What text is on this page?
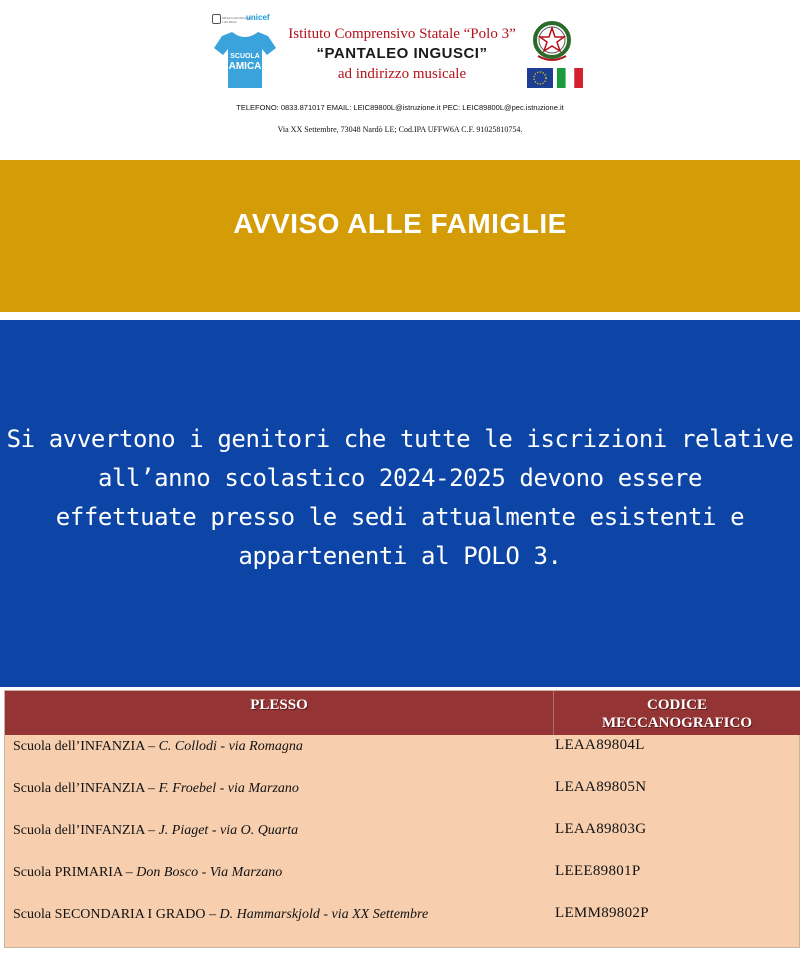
Ministero dell'Istruzione e del Merito	unicef
SCUOLA
AMICA
Istituto Comprensivo Statale “Polo 3”
“PANTALEO INGUSCI”
ad indirizzo musicale
TELEFONO: 0833.871017 EMAIL: LEIC89800L@istruzione.it PEC: LEIC89800L@pec.istruzione.it
Via XX Settembre, 73048 Nardò LE; Cod.IPA UFFW6A C.F. 91025810754.
AVVISO ALLE FAMIGLIE
Si avvertono i genitori che tutte le iscrizioni relative
all’anno scolastico 2024-2025 devono essere
effettuate presso le sedi attualmente esistenti e
appartenenti al POLO 3.
PLESSO	CODICE
MECCANOGRAFICO
Scuola dell’INFANZIA – C. Collodi - via Romagna	LEAA89804L
Scuola dell’INFANZIA – F. Froebel - via Marzano	LEAA89805N
Scuola dell’INFANZIA – J. Piaget - via O. Quarta	LEAA89803G
Scuola PRIMARIA – Don Bosco - Via Marzano	LEEE89801P
Scuola SECONDARIA I GRADO – D. Hammarskjold - via XX Settembre	LEMM89802P
